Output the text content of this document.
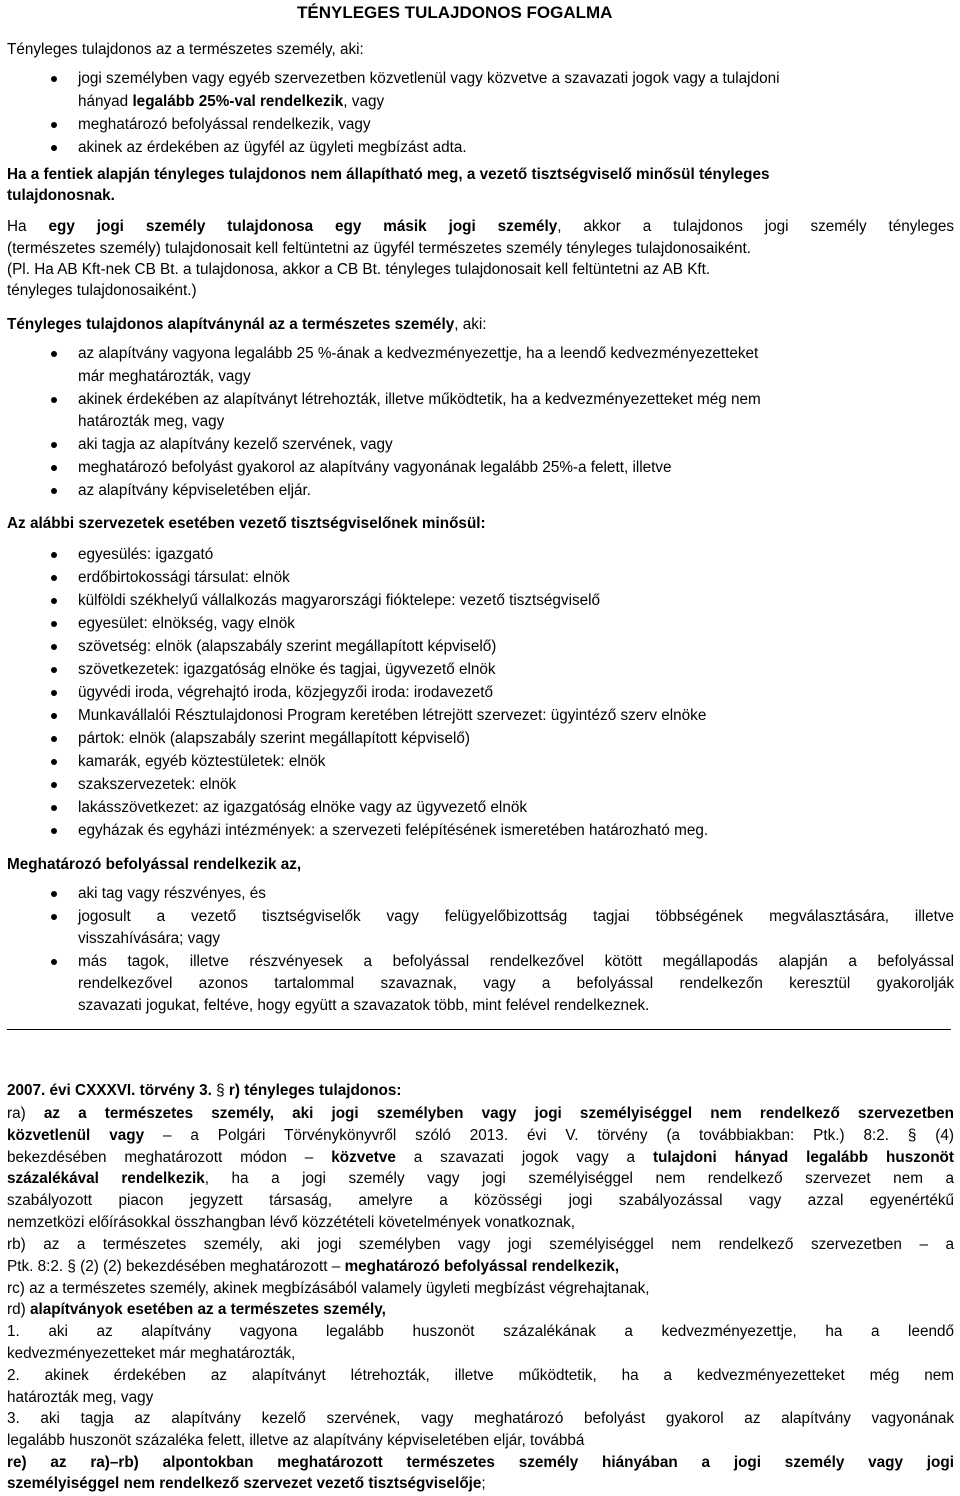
TÉNYLEGES TULAJDONOS FOGALMA
Tényleges tulajdonos az a természetes személy, aki:
jogi személyben vagy egyéb szervezetben közvetlenül vagy közvetve a szavazati jogok vagy a tulajdoni
hányad legalább 25%-val rendelkezik, vagy
meghatározó befolyással rendelkezik, vagy
akinek az érdekében az ügyfél az ügyleti megbízást adta.
Ha a fentiek alapján tényleges tulajdonos nem állapítható meg, a vezető tisztségviselő minősül tényleges
tulajdonosnak.
Ha egy jogi személy tulajdonosa egy másik jogi személy, akkor a tulajdonos jogi személy tényleges
(természetes személy) tulajdonosait kell feltüntetni az ügyfél természetes személy tényleges tulajdonosaiként.
(Pl. Ha AB Kft-nek CB Bt. a tulajdonosa, akkor a CB Bt. tényleges tulajdonosait kell feltüntetni az AB Kft.
tényleges tulajdonosaiként.)
Tényleges tulajdonos alapítványnál az a természetes személy, aki:
az alapítvány vagyona legalább 25 %-ának a kedvezményezettje, ha a leendő kedvezményezetteket
már meghatározták, vagy
akinek érdekében az alapítványt létrehozták, illetve működtetik, ha a kedvezményezetteket még nem
határozták meg, vagy
aki tagja az alapítvány kezelő szervének, vagy
meghatározó befolyást gyakorol az alapítvány vagyonának legalább 25%-a felett, illetve
az alapítvány képviseletében eljár.
Az alábbi szervezetek esetében vezető tisztségviselőnek minősül:
egyesülés: igazgató
erdőbirtokossági társulat: elnök
külföldi székhelyű vállalkozás magyarországi fióktelepe: vezető tisztségviselő
egyesület: elnökség, vagy elnök
szövetség: elnök (alapszabály szerint megállapított képviselő)
szövetkezetek: igazgatóság elnöke és tagjai, ügyvezető elnök
ügyvédi iroda, végrehajtó iroda, közjegyzői iroda: irodavezető
Munkavállalói Résztulajdonosi Program keretében létrejött szervezet: ügyintéző szerv elnöke
pártok: elnök (alapszabály szerint megállapított képviselő)
kamarák, egyéb köztestületek: elnök
szakszervezetek: elnök
lakásszövetkezet: az igazgatóság elnöke vagy az ügyvezető elnök
egyházak és egyházi intézmények: a szervezeti felépítésének ismeretében határozható meg.
Meghatározó befolyással rendelkezik az,
aki tag vagy részvényes, és
jogosult a vezető tisztségviselők vagy felügyelőbizottság tagjai többségének megválasztására, illetve
visszahívására; vagy
más tagok, illetve részvényesek a befolyással rendelkezővel kötött megállapodás alapján a befolyással
rendelkezővel azonos tartalommal szavaznak, vagy a befolyással rendelkezőn keresztül gyakorolják
szavazati jogukat, feltéve, hogy együtt a szavazatok több, mint felével rendelkeznek.
2007. évi CXXXVI. törvény 3. § r) tényleges tulajdonos:
ra) az a természetes személy, aki jogi személyben vagy jogi személyiséggel nem rendelkező szervezetben
közvetlenül vagy – a Polgári Törvénykönyvről szóló 2013. évi V. törvény (a továbbiakban: Ptk.) 8:2. § (4)
bekezdésében meghatározott módon – közvetve a szavazati jogok vagy a tulajdoni hányad legalább huszonöt
százalékával rendelkezik, ha a jogi személy vagy jogi személyiséggel nem rendelkező szervezet nem a
szabályozott piacon jegyzett társaság, amelyre a közösségi jogi szabályozással vagy azzal egyenértékű
nemzetközi előírásokkal összhangban lévő közzétételi követelmények vonatkoznak,
rb) az a természetes személy, aki jogi személyben vagy jogi személyiséggel nem rendelkező szervezetben – a
Ptk. 8:2. § (2) (2) bekezdésében meghatározott – meghatározó befolyással rendelkezik,
rc) az a természetes személy, akinek megbízásából valamely ügyleti megbízást végrehajtanak,
rd) alapítványok esetében az a természetes személy,
1. aki az alapítvány vagyona legalább huszonöt százalékának a kedvezményezettje, ha a leendő
kedvezményezetteket már meghatározták,
2. akinek érdekében az alapítványt létrehozták, illetve működtetik, ha a kedvezményezetteket még nem
határozták meg, vagy
3. aki tagja az alapítvány kezelő szervének, vagy meghatározó befolyást gyakorol az alapítvány vagyonának
legalább huszonöt százaléka felett, illetve az alapítvány képviseletében eljár, továbbá
re) az ra)–rb) alpontokban meghatározott természetes személy hiányában a jogi személy vagy jogi
személyiséggel nem rendelkező szervezet vezető tisztségviselője;
